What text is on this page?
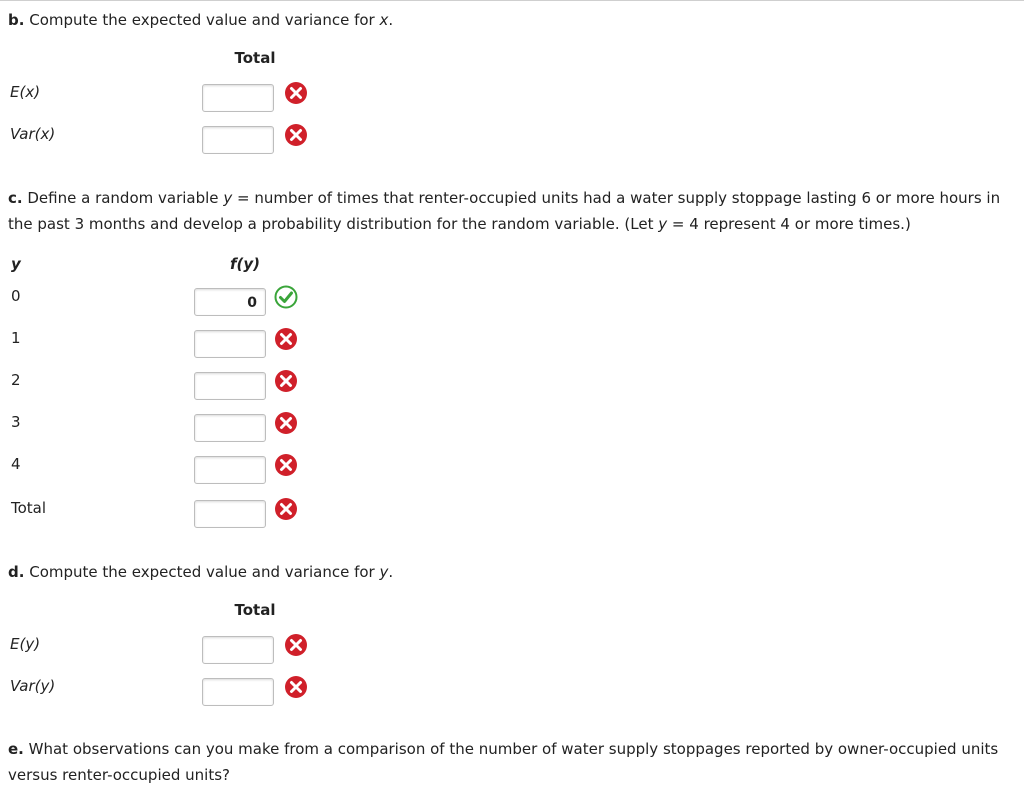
b. Compute the expected value and variance for x.
Total
E(x)
Var(x)
c. Define a random variable y = number of times that renter-occupied units had a water supply stoppage lasting 6 or more hours in the past 3 months and develop a probability distribution for the random variable. (Let y = 4 represent 4 or more times.)
y	f(y)
0	0
1
2
3
4
Total
d. Compute the expected value and variance for y.
Total
E(y)
Var(y)
e. What observations can you make from a comparison of the number of water supply stoppages reported by owner-occupied units versus renter-occupied units?
